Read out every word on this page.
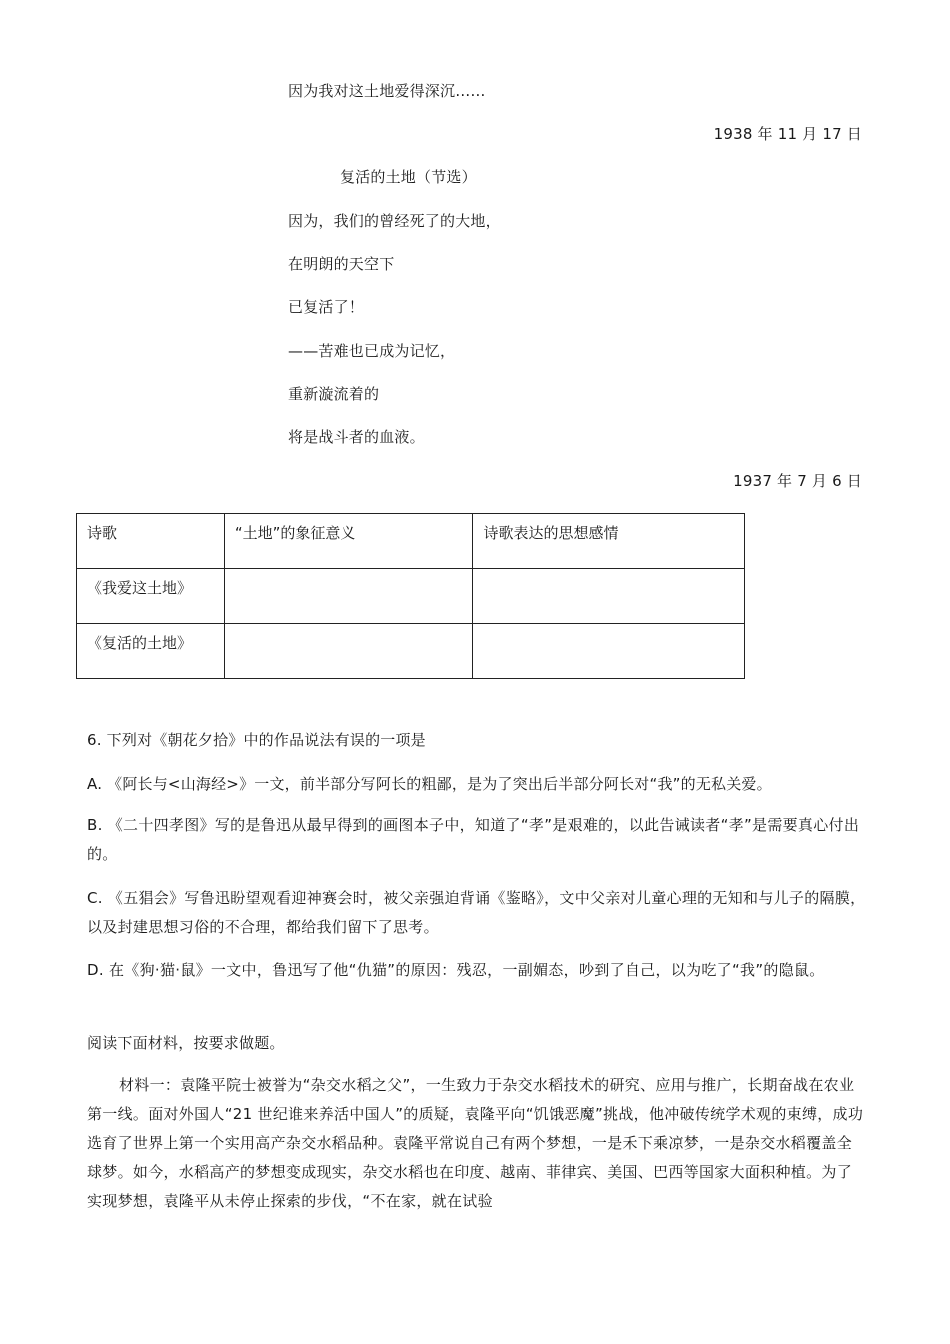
因为我对这土地爱得深沉……
1938 年 11 月 17 日
复活的土地（节选）
因为，我们的曾经死了的大地，
在明朗的天空下
已复活了！
——苦难也已成为记忆，
重新漩流着的
将是战斗者的血液。
1937 年 7 月 6 日
诗歌	“土地”的象征意义	诗歌表达的思想感情
《我爱这土地》		
《复活的土地》		
6. 下列对《朝花夕拾》中的作品说法有误的一项是
A. 《阿长与<山海经>》一文，前半部分写阿长的粗鄙，是为了突出后半部分阿长对“我”的无私关爱。
B. 《二十四孝图》写的是鲁迅从最早得到的画图本子中，知道了“孝”是艰难的，以此告诫读者“孝”是需要真心付出的。
C. 《五猖会》写鲁迅盼望观看迎神赛会时，被父亲强迫背诵《鉴略》，文中父亲对儿童心理的无知和与儿子的隔膜，以及封建思想习俗的不合理，都给我们留下了思考。
D. 在《狗·猫·鼠》一文中，鲁迅写了他“仇猫”的原因：残忍，一副媚态，吵到了自己，以为吃了“我”的隐鼠。
阅读下面材料，按要求做题。
材料一：袁隆平院士被誉为“杂交水稻之父”，一生致力于杂交水稻技术的研究、应用与推广，长期奋战在农业第一线。面对外国人“21 世纪谁来养活中国人”的质疑，袁隆平向“饥饿恶魔”挑战，他冲破传统学术观的束缚，成功选育了世界上第一个实用高产杂交水稻品种。袁隆平常说自己有两个梦想，一是禾下乘凉梦，一是杂交水稻覆盖全球梦。如今，水稻高产的梦想变成现实，杂交水稻也在印度、越南、菲律宾、美国、巴西等国家大面积种植。为了实现梦想，袁隆平从未停止探索的步伐，“不在家，就在试验
